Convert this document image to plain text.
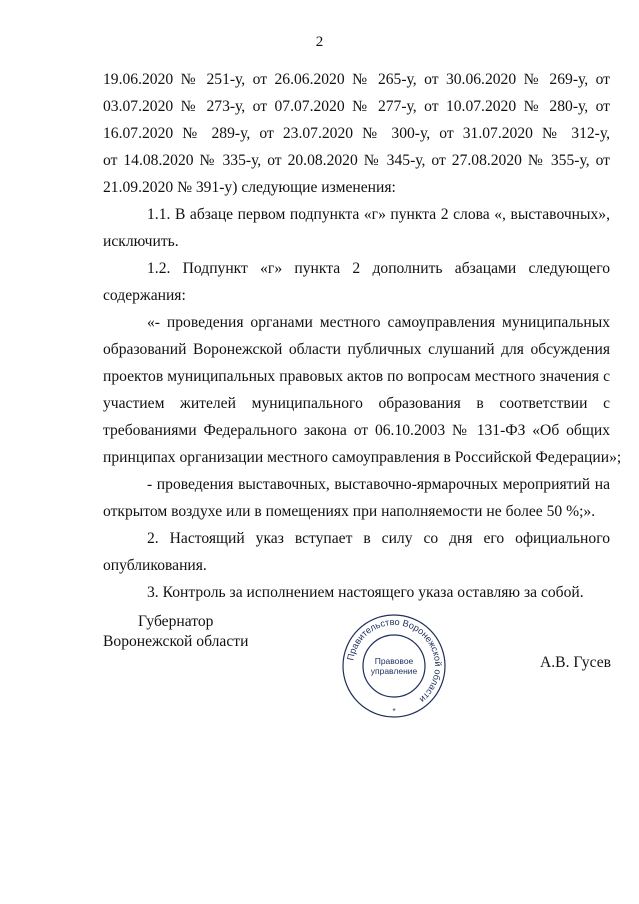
2
19.06.2020 № 251-у, от 26.06.2020 № 265-у, от 30.06.2020 № 269-у, от
03.07.2020 № 273-у, от 07.07.2020 № 277-у, от 10.07.2020 № 280-у, от
16.07.2020 № 289-у, от 23.07.2020 № 300-у, от 31.07.2020 № 312-у,
от 14.08.2020 № 335-у, от 20.08.2020 № 345-у, от 27.08.2020 № 355-у, от
21.09.2020 № 391-у) следующие изменения:
1.1. В абзаце первом подпункта «г» пункта 2 слова «, выставочных»,
исключить.
1.2. Подпункт «г» пункта 2 дополнить абзацами следующего
содержания:
«- проведения органами местного самоуправления муниципальных
образований Воронежской области публичных слушаний для обсуждения
проектов муниципальных правовых актов по вопросам местного значения с
участием жителей муниципального образования в соответствии с
требованиями Федерального закона от 06.10.2003 № 131-ФЗ «Об общих
принципах организации местного самоуправления в Российской Федерации»;
- проведения выставочных, выставочно-ярмарочных мероприятий на
открытом воздухе или в помещениях при наполняемости не более 50 %;».
2. Настоящий указ вступает в силу со дня его официального
опубликования.
3. Контроль за исполнением настоящего указа оставляю за собой.
Губернатор
Воронежской области
Правительство Воронежской области
Правовое
управление
*
А.В. Гусев
